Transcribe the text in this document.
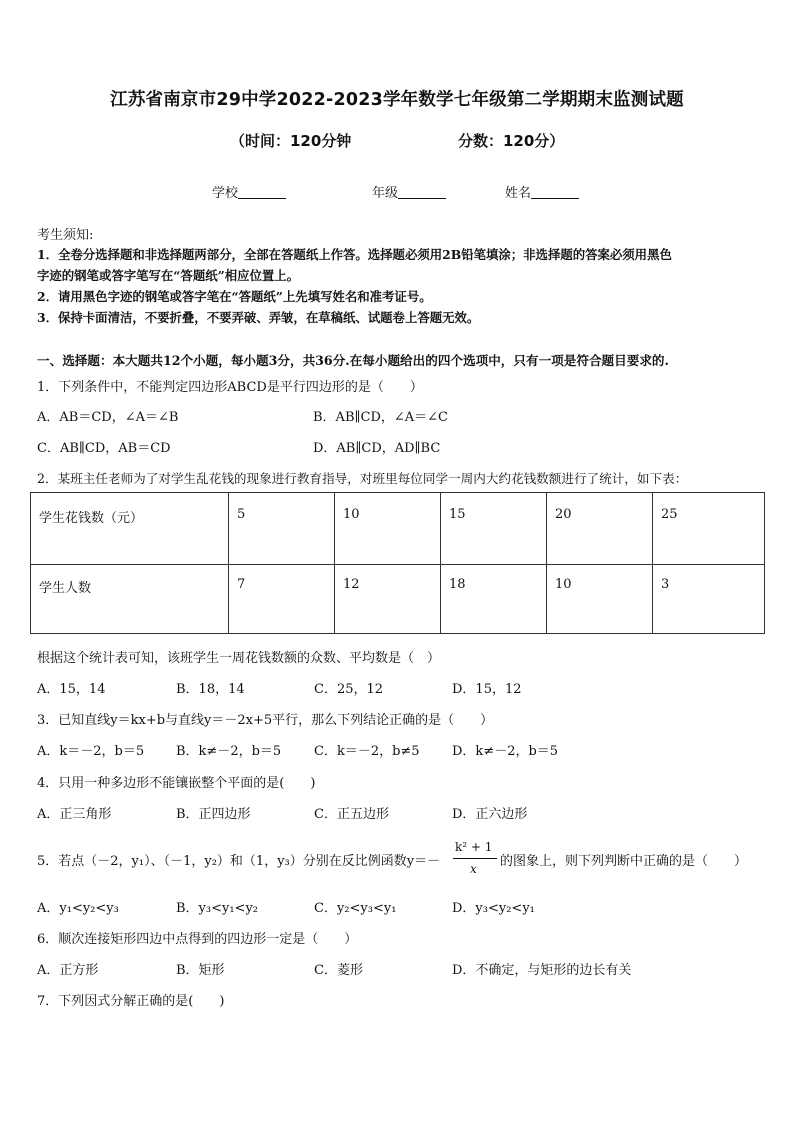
江苏省南京市29中学2022-2023学年数学七年级第二学期期末监测试题
（时间：120分钟	分数：120分）
学校	年级	姓名
考生须知:
1．全卷分选择题和非选择题两部分，全部在答题纸上作答。选择题必须用2B铅笔填涂；非选择题的答案必须用黑色
字迹的钢笔或答字笔写在“答题纸”相应位置上。
2．请用黑色字迹的钢笔或答字笔在“答题纸”上先填写姓名和准考证号。
3．保持卡面清洁，不要折叠，不要弄破、弄皱，在草稿纸、试题卷上答题无效。
一、选择题：本大题共12个小题，每小题3分，共36分.在每小题给出的四个选项中，只有一项是符合题目要求的.
1．下列条件中，不能判定四边形ABCD是平行四边形的是（　　）
A．AB＝CD，∠A＝∠B	B．AB∥CD，∠A＝∠C
C．AB∥CD，AB＝CD	D．AB∥CD，AD∥BC
2．某班主任老师为了对学生乱花钱的现象进行教育指导，对班里每位同学一周内大约花钱数额进行了统计，如下表：
学生花钱数（元）	5	10	15	20	25
学生人数	7	12	18	10	3
根据这个统计表可知，该班学生一周花钱数额的众数、平均数是（　）
A．15，14	B．18，14	C．25，12	D．15，12
3．已知直线y＝kx+b与直线y＝－2x+5平行，那么下列结论正确的是（　　）
A．k＝－2，b＝5 B．k≠－2，b＝5	C．k＝－2，b≠5 D．k≠－2，b＝5
4．只用一种多边形不能镶嵌整个平面的是(　　)
A．正三角形	B．正四边形	C．正五边形	D．正六边形
5．若点（－2，y₁）、（－1，y₂）和（1，y₃）分别在反比例函数y＝－
k² + 1
x 的图象上，则下列判断中正确的是（　　）
A．y₁<y₂<y₃	B．y₃<y₁<y₂	C．y₂<y₃<y₁	D．y₃<y₂<y₁
6．顺次连接矩形四边中点得到的四边形一定是（　　）
A．正方形	B．矩形	C．菱形	D．不确定，与矩形的边长有关
7．下列因式分解正确的是(　　)
